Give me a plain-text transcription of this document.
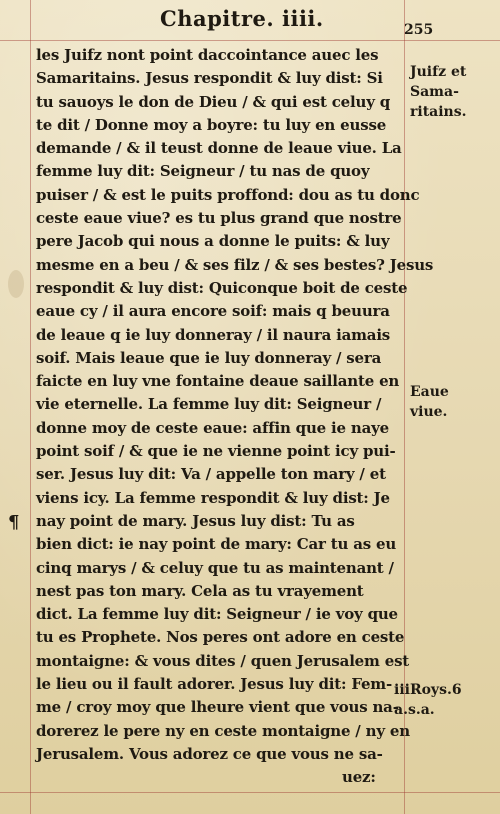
Chapitre. iiii.	255
¶
les Juifz nont point daccointance auec les
Samaritains. Jesus respondit & luy dist: Si
tu sauoys le don de Dieu / & qui est celuy q
te dit / Donne moy a boyre: tu luy en eusse
demande / & il teust donne de leaue viue. La
femme luy dit: Seigneur / tu nas de quoy
puiser / & est le puits proffond: dou as tu donc
ceste eaue viue? es tu plus grand que nostre
pere Jacob qui nous a donne le puits: & luy
mesme en a beu / & ses filz / & ses bestes? Jesus
respondit & luy dist: Quiconque boit de ceste
eaue cy / il aura encore soif: mais q beuura
de leaue q ie luy donneray / il naura iamais
soif. Mais leaue que ie luy donneray / sera
faicte en luy vne fontaine deaue saillante en
vie eternelle. La femme luy dit: Seigneur /
donne moy de ceste eaue: affin que ie naye
point soif / & que ie ne vienne point icy pui-
ser. Jesus luy dit: Va / appelle ton mary / et
viens icy. La femme respondit & luy dist: Je
nay point de mary. Jesus luy dist: Tu as
bien dict: ie nay point de mary: Car tu as eu
cinq marys / & celuy que tu as maintenant /
nest pas ton mary. Cela as tu vrayement
dict. La femme luy dit: Seigneur / ie voy que
tu es Prophete. Nos peres ont adore en ceste
montaigne: & vous dites / quen Jerusalem est
le lieu ou il fault adorer. Jesus luy dit: Fem-
me / croy moy que lheure vient que vous na-
dorerez le pere ny en ceste montaigne / ny en
Jerusalem. Vous adorez ce que vous ne sa-
uez:
Juifz et
Sama-
ritains.
Eaue
viue.
iiiRoys.6
a.s.a.
